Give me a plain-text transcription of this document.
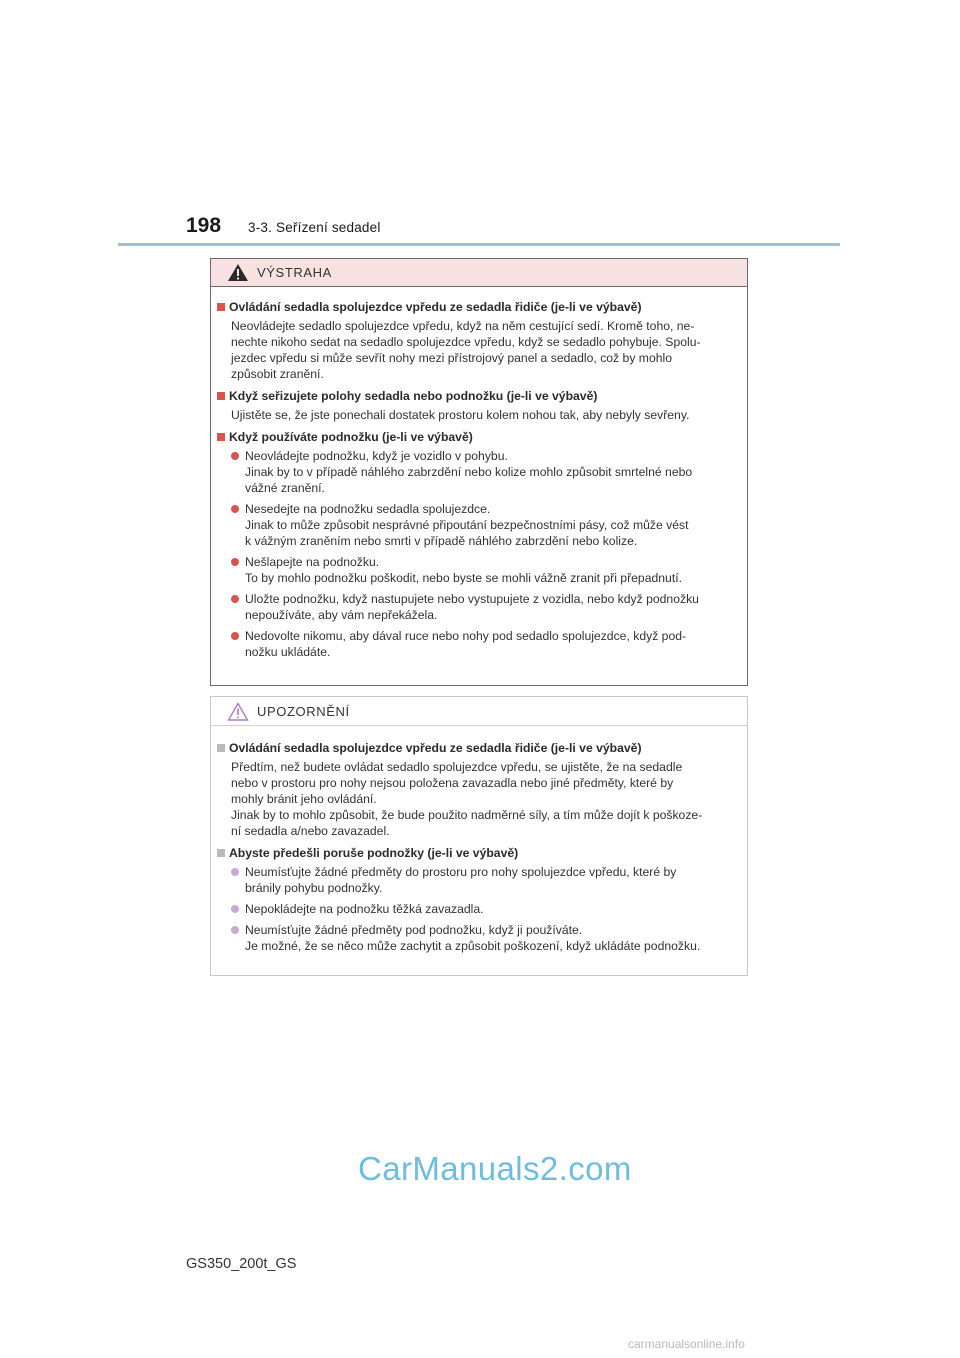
198	3-3. Seřízení sedadel
VÝSTRAHA
Ovládání sedadla spolujezdce vpředu ze sedadla řidiče (je-li ve výbavě)
Neovládejte sedadlo spolujezdce vpředu, když na něm cestující sedí. Kromě toho, ne-
nechte nikoho sedat na sedadlo spolujezdce vpředu, když se sedadlo pohybuje. Spolu-
jezdec vpředu si může sevřít nohy mezi přístrojový panel a sedadlo, což by mohlo
způsobit zranění.
Když seřizujete polohy sedadla nebo podnožku (je-li ve výbavě)
Ujistěte se, že jste ponechali dostatek prostoru kolem nohou tak, aby nebyly sevřeny.
Když používáte podnožku (je-li ve výbavě)
Neovládejte podnožku, když je vozidlo v pohybu.
Jinak by to v případě náhlého zabrzdění nebo kolize mohlo způsobit smrtelné nebo
vážné zranění.
Nesedejte na podnožku sedadla spolujezdce.
Jinak to může způsobit nesprávné připoutání bezpečnostními pásy, což může vést
k vážným zraněním nebo smrti v případě náhlého zabrzdění nebo kolize.
Nešlapejte na podnožku.
To by mohlo podnožku poškodit, nebo byste se mohli vážně zranit při přepadnutí.
Uložte podnožku, když nastupujete nebo vystupujete z vozidla, nebo když podnožku
nepoužíváte, aby vám nepřekážela.
Nedovolte nikomu, aby dával ruce nebo nohy pod sedadlo spolujezdce, když pod-
nožku ukládáte.
UPOZORNĚNÍ
Ovládání sedadla spolujezdce vpředu ze sedadla řidiče (je-li ve výbavě)
Předtím, než budete ovládat sedadlo spolujezdce vpředu, se ujistěte, že na sedadle
nebo v prostoru pro nohy nejsou položena zavazadla nebo jiné předměty, které by
mohly bránit jeho ovládání.
Jinak by to mohlo způsobit, že bude použito nadměrné síly, a tím může dojít k poškoze-
ní sedadla a/nebo zavazadel.
Abyste předešli poruše podnožky (je-li ve výbavě)
Neumísťujte žádné předměty do prostoru pro nohy spolujezdce vpředu, které by
bránily pohybu podnožky.
Nepokládejte na podnožku těžká zavazadla.
Neumísťujte žádné předměty pod podnožku, když ji používáte.
Je možné, že se něco může zachytit a způsobit poškození, když ukládáte podnožku.
CarManuals2.com
GS350_200t_GS
carmanualsonline.info
